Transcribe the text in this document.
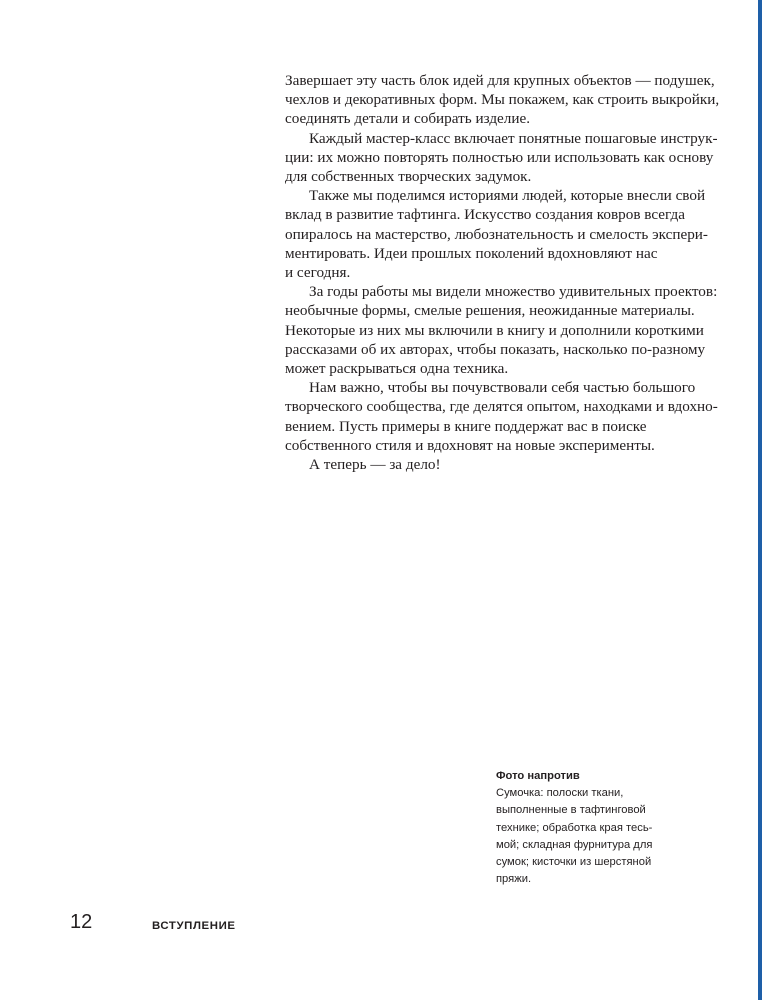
Завершает эту часть блок идей для крупных объектов — подушек,
чехлов и декоративных форм. Мы покажем, как строить выкройки,
соединять детали и собирать изделие.

Каждый мастер-класс включает понятные пошаговые инструк-
ции: их можно повторять полностью или использовать как основу
для собственных творческих задумок.

Также мы поделимся историями людей, которые внесли свой
вклад в развитие тафтинга. Искусство создания ковров всегда
опиралось на мастерство, любознательность и смелость экспери-
ментировать. Идеи прошлых поколений вдохновляют нас
и сегодня.

За годы работы мы видели множество удивительных проектов:
необычные формы, смелые решения, неожиданные материалы.
Некоторые из них мы включили в книгу и дополнили короткими
рассказами об их авторах, чтобы показать, насколько по-разному
может раскрываться одна техника.

Нам важно, чтобы вы почувствовали себя частью большого
творческого сообщества, где делятся опытом, находками и вдохно-
вением. Пусть примеры в книге поддержат вас в поиске
собственного стиля и вдохновят на новые эксперименты.

А теперь — за дело!

Фото напротив
Сумочка: полоски ткани,
выполненные в тафтинговой
технике; обработка края тесь-
мой; складная фурнитура для
сумок; кисточки из шерстяной
пряжи.
12	ВСТУПЛЕНИЕ
